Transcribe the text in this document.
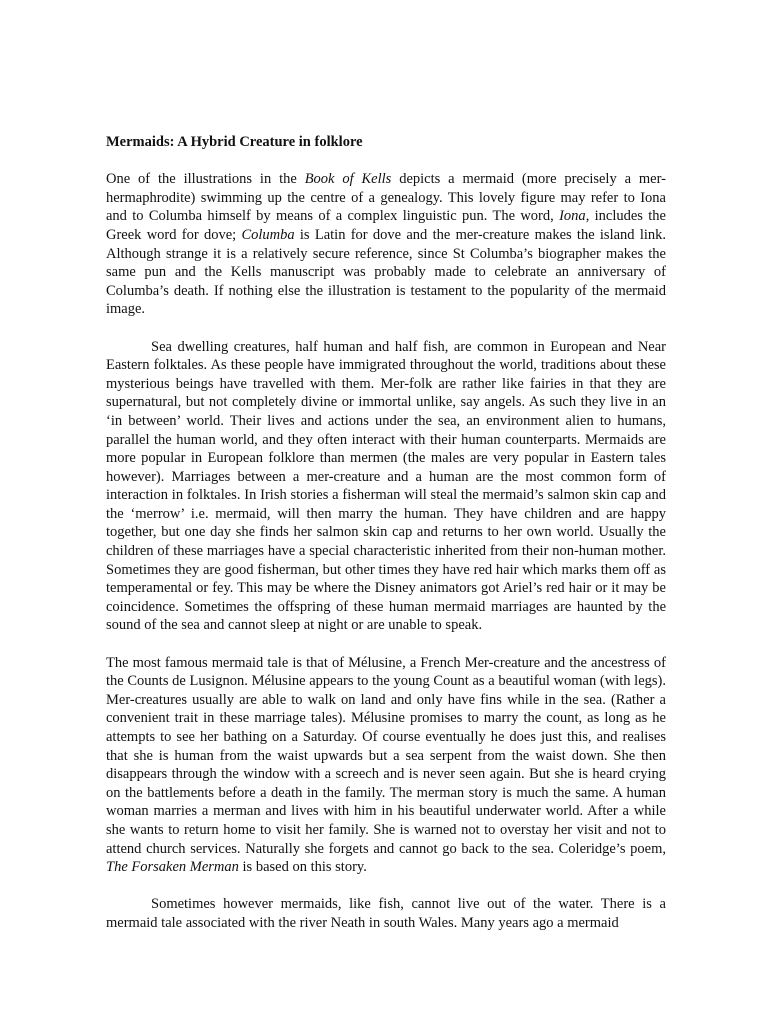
Mermaids: A Hybrid Creature in folklore

One of the illustrations in the Book of Kells depicts a mermaid (more precisely a mer-hermaphrodite) swimming up the centre of a genealogy. This lovely figure may refer to Iona and to Columba himself by means of a complex linguistic pun. The word, Iona, includes the Greek word for dove; Columba is Latin for dove and the mer-creature makes the island link. Although strange it is a relatively secure reference, since St Columba’s biographer makes the same pun and the Kells manuscript was probably made to celebrate an anniversary of Columba’s death. If nothing else the illustration is testament to the popularity of the mermaid image.

Sea dwelling creatures, half human and half fish, are common in European and Near Eastern folktales. As these people have immigrated throughout the world, traditions about these mysterious beings have travelled with them. Mer-folk are rather like fairies in that they are supernatural, but not completely divine or immortal unlike, say angels. As such they live in an ‘in between’ world. Their lives and actions under the sea, an environment alien to humans, parallel the human world, and they often interact with their human counterparts. Mermaids are more popular in European folklore than mermen (the males are very popular in Eastern tales however). Marriages between a mer-creature and a human are the most common form of interaction in folktales. In Irish stories a fisherman will steal the mermaid’s salmon skin cap and the ‘merrow’ i.e. mermaid, will then marry the human. They have children and are happy together, but one day she finds her salmon skin cap and returns to her own world. Usually the children of these marriages have a special characteristic inherited from their non-human mother. Sometimes they are good fisherman, but other times they have red hair which marks them off as temperamental or fey. This may be where the Disney animators got Ariel’s red hair or it may be coincidence. Sometimes the offspring of these human mermaid marriages are haunted by the sound of the sea and cannot sleep at night or are unable to speak.

The most famous mermaid tale is that of Mélusine, a French Mer-creature and the ancestress of the Counts de Lusignon. Mélusine appears to the young Count as a beautiful woman (with legs). Mer-creatures usually are able to walk on land and only have fins while in the sea. (Rather a convenient trait in these marriage tales). Mélusine promises to marry the count, as long as he attempts to see her bathing on a Saturday. Of course eventually he does just this, and realises that she is human from the waist upwards but a sea serpent from the waist down. She then disappears through the window with a screech and is never seen again. But she is heard crying on the battlements before a death in the family. The merman story is much the same. A human woman marries a merman and lives with him in his beautiful underwater world. After a while she wants to return home to visit her family. She is warned not to overstay her visit and not to attend church services. Naturally she forgets and cannot go back to the sea. Coleridge’s poem, The Forsaken Merman is based on this story.

Sometimes however mermaids, like fish, cannot live out of the water. There is a mermaid tale associated with the river Neath in south Wales. Many years ago a mermaid
